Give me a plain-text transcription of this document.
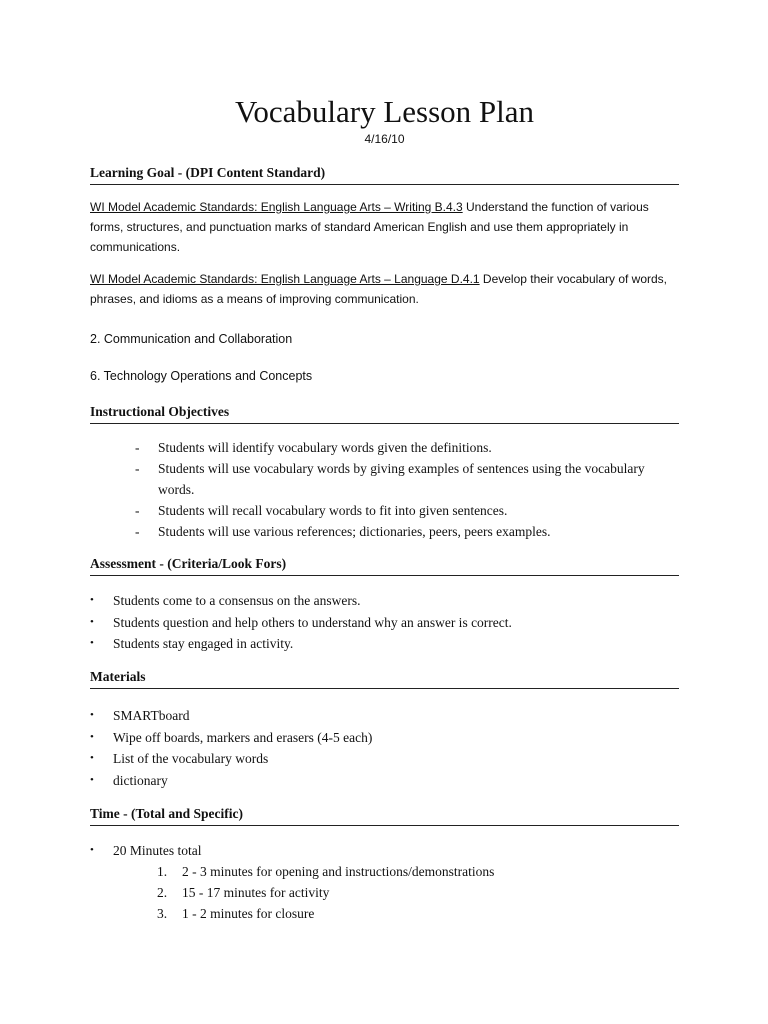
Vocabulary Lesson Plan
4/16/10
Learning Goal - (DPI Content Standard)

WI Model Academic Standards: English Language Arts – Writing B.4.3 Understand the function of various forms, structures, and punctuation marks of standard American English and use them appropriately in communications.

WI Model Academic Standards: English Language Arts – Language D.4.1 Develop their vocabulary of words, phrases, and idioms as a means of improving communication.

2. Communication and Collaboration
6. Technology Operations and Concepts
Instructional Objectives
- Students will identify vocabulary words given the definitions.
- Students will use vocabulary words by giving examples of sentences using the vocabulary words.
- Students will recall vocabulary words to fit into given sentences.
- Students will use various references; dictionaries, peers, peers examples.
Assessment - (Criteria/Look Fors)
• Students come to a consensus on the answers.
• Students question and help others to understand why an answer is correct.
• Students stay engaged in activity.
Materials
• SMARTboard
• Wipe off boards, markers and erasers (4-5 each)
• List of the vocabulary words
• dictionary
Time - (Total and Specific)
• 20 Minutes total
1. 2 - 3 minutes for opening and instructions/demonstrations
2. 15 - 17 minutes for activity
3. 1 - 2 minutes for closure
